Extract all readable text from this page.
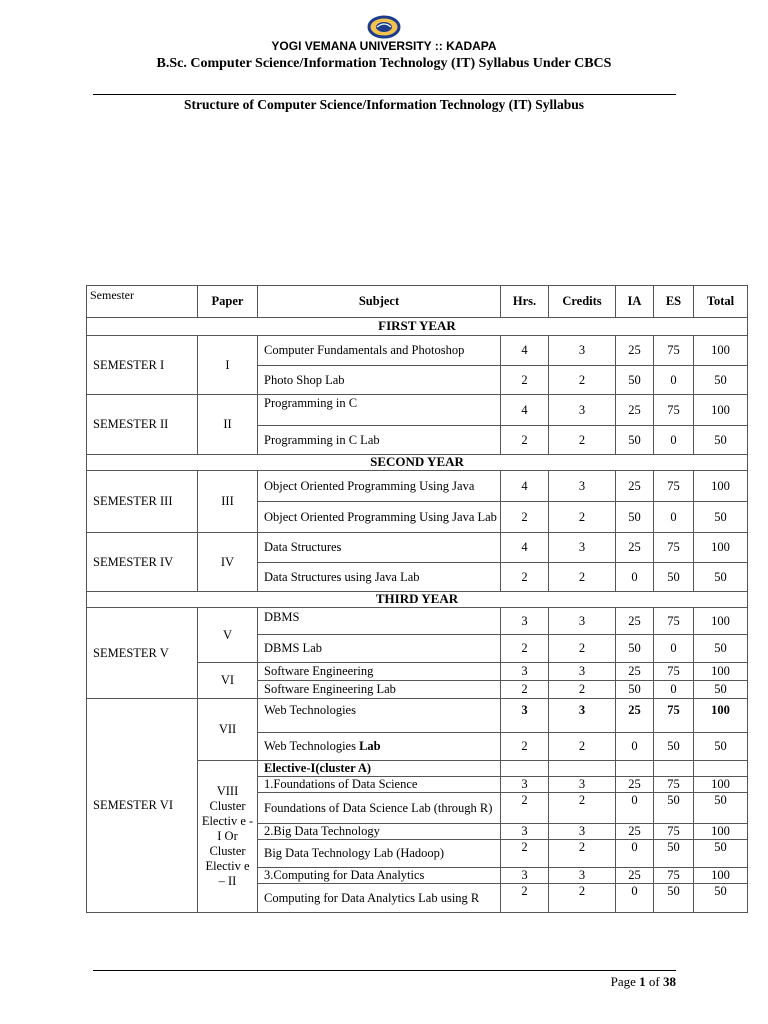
YOGI VEMANA UNIVERSITY :: KADAPA
B.Sc. Computer Science/Information Technology (IT) Syllabus Under CBCS
Structure of Computer Science/Information Technology (IT) Syllabus
Semester	Paper	Subject	Hrs.	Credits	IA	ES	Total
FIRST YEAR							
SEMESTER I	I	Computer Fundamentals and Photoshop	4	3	25	75	100
		Photo Shop Lab	2	2	50	0	50
SEMESTER II	II	Programming in C	4	3	25	75	100
		Programming in C Lab	2	2	50	0	50
SECOND YEAR							
SEMESTER III	III	Object Oriented Programming Using Java	4	3	25	75	100
		Object Oriented Programming Using Java Lab	2	2	50	0	50
SEMESTER IV	IV	Data Structures	4	3	25	75	100
		Data Structures using Java Lab	2	2	0	50	50
THIRD YEAR							
SEMESTER V	V	DBMS	3	3	25	75	100
		DBMS Lab	2	2	50	0	50
	VI	Software Engineering	3	3	25	75	100
		Software Engineering Lab	2	2	50	0	50
SEMESTER VI	VII	Web Technologies	3	3	25	75	100
		Web Technologies Lab	2	2	0	50	50
	VIII Cluster Electiv e - I Or Cluster Electiv e – II	Elective-I(cluster A)					
		1.Foundations of Data Science	3	3	25	75	100
		Foundations of Data Science Lab (through R)	2	2	0	50	50
		2.Big Data Technology	3	3	25	75	100
		Big Data Technology Lab (Hadoop)	2	2	0	50	50
		3.Computing for Data Analytics	3	3	25	75	100
		Computing for Data Analytics Lab using R	2	2	0	50	50
Page 1 of 38
